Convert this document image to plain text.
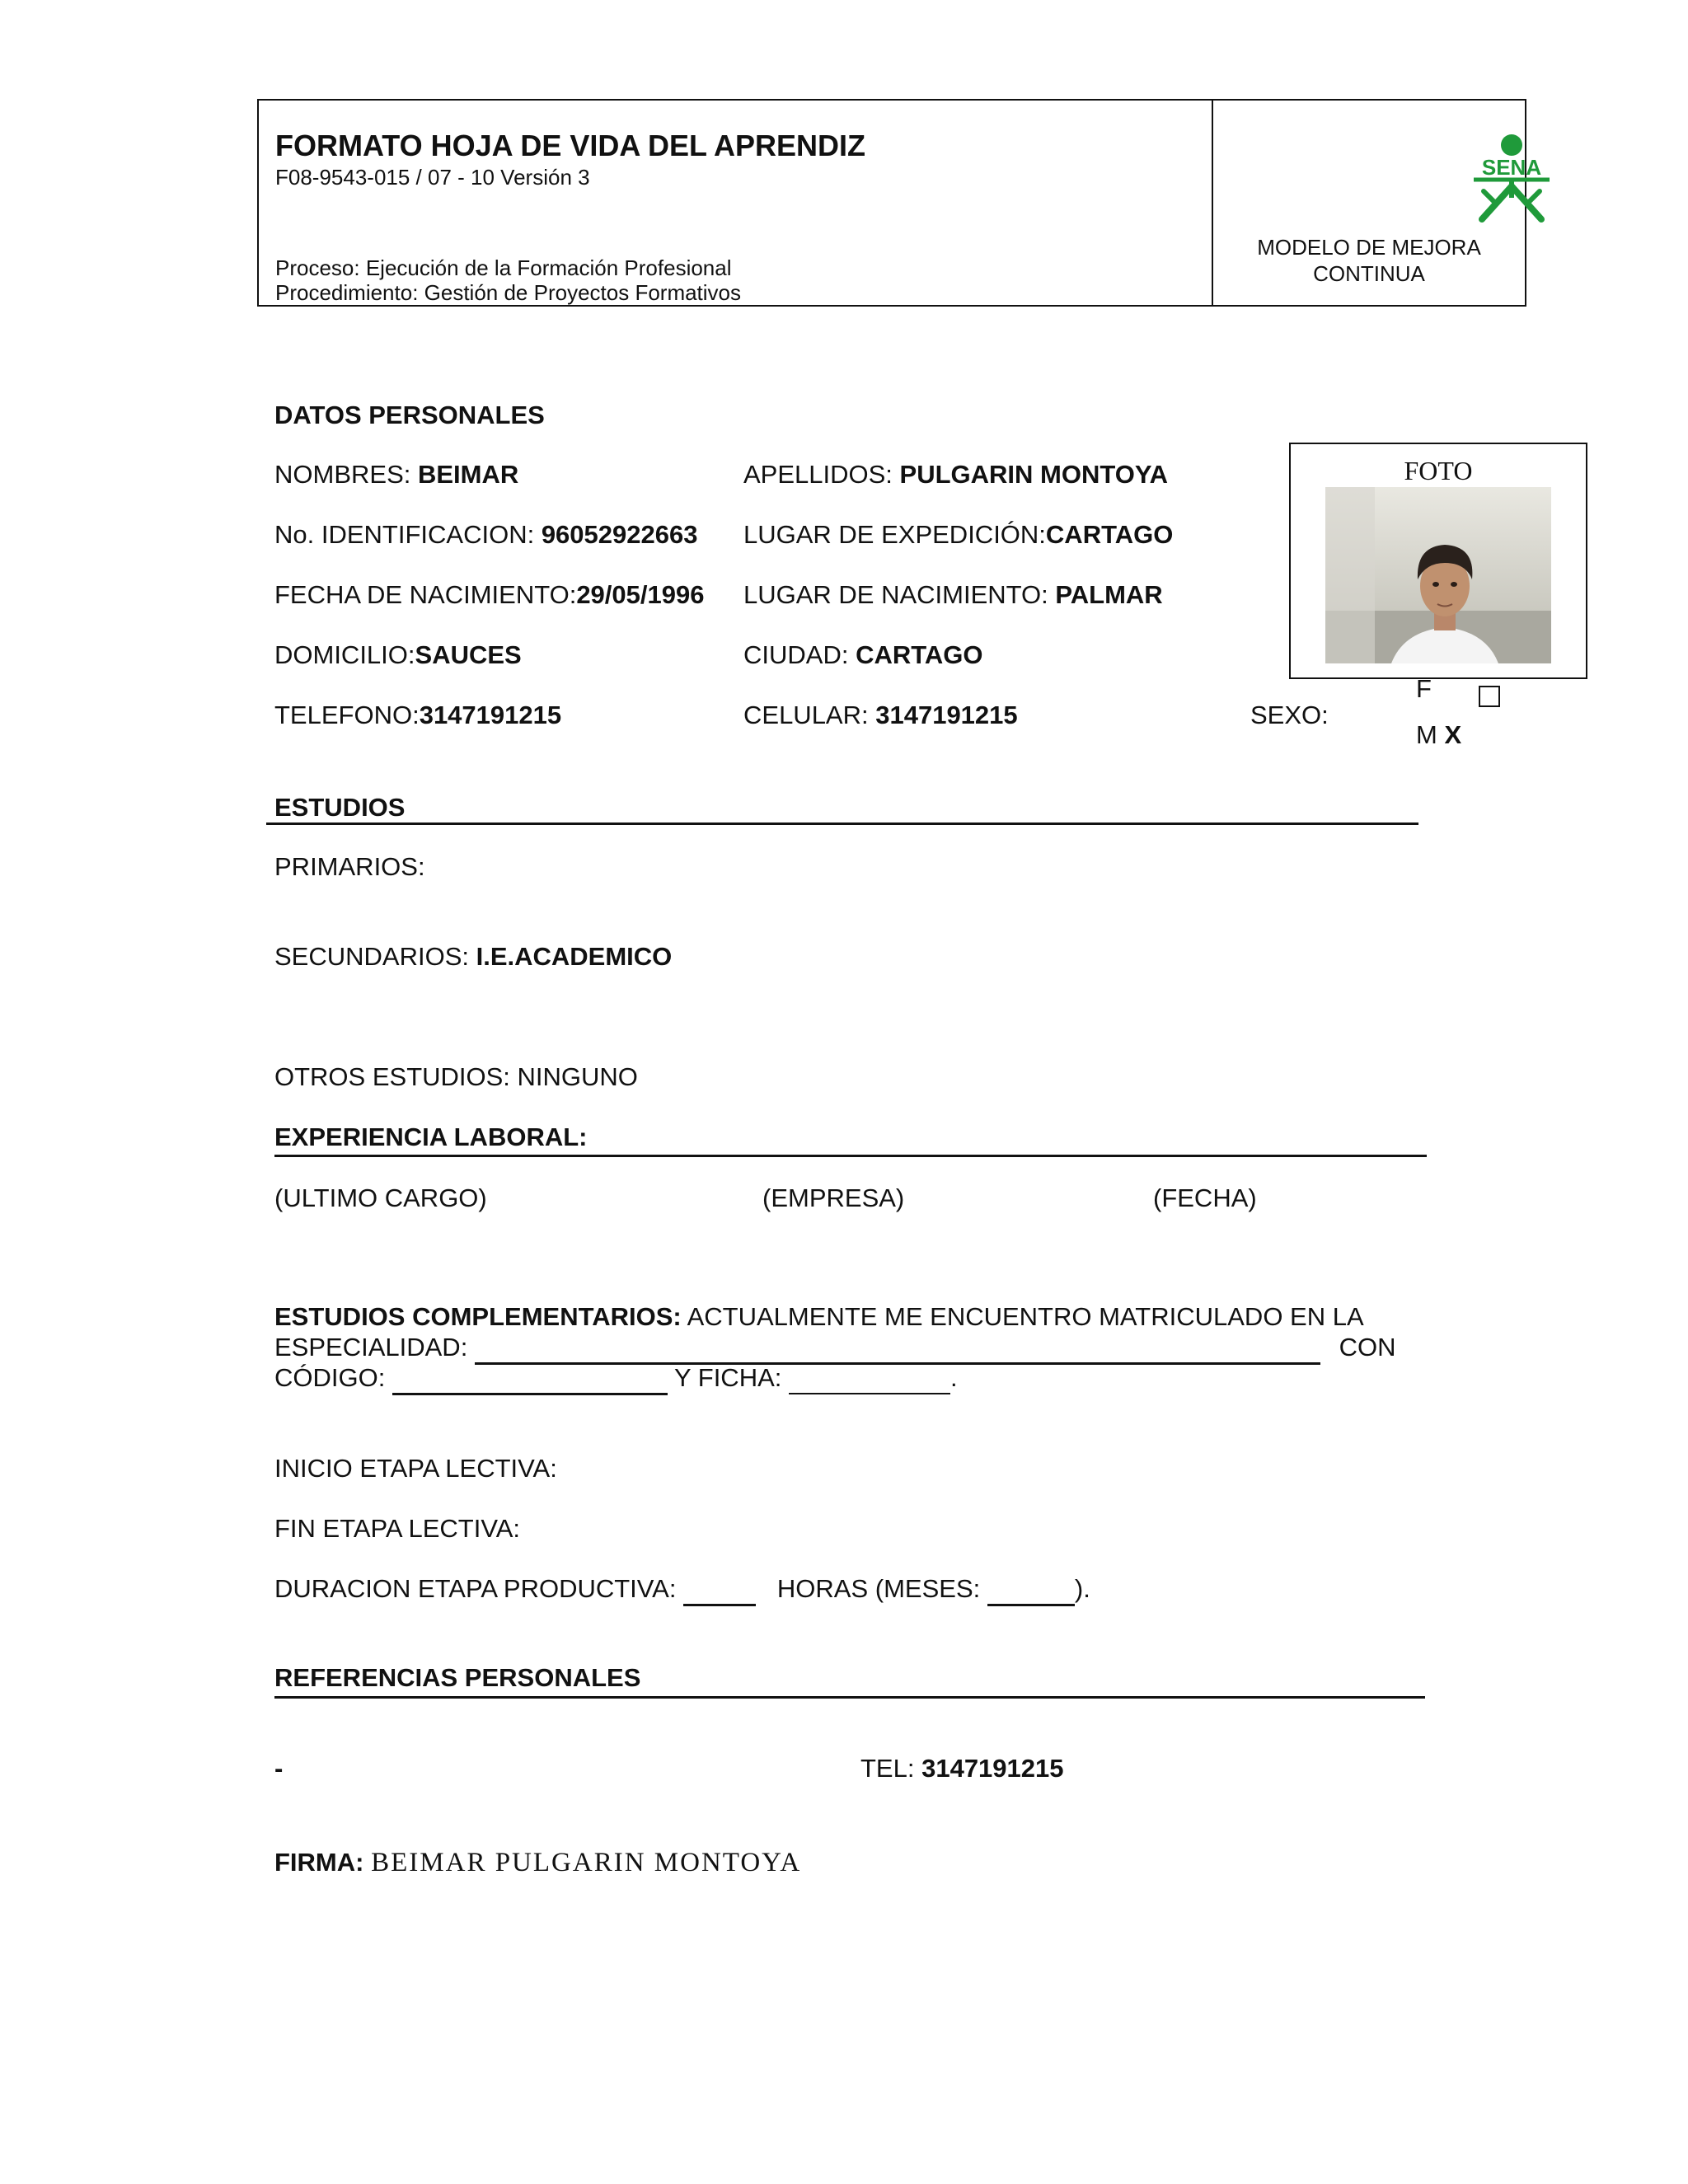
FORMATO HOJA DE VIDA DEL APRENDIZ
F08-9543-015 / 07 - 10 Versión 3
Proceso: Ejecución de la Formación Profesional
Procedimiento: Gestión de Proyectos Formativos
SENA
MODELO DE MEJORA CONTINUA
DATOS PERSONALES
NOMBRES: BEIMAR	APELLIDOS: PULGARIN MONTOYA
No. IDENTIFICACION: 96052922663 LUGAR DE EXPEDICIÓN:CARTAGO
FECHA DE NACIMIENTO:29/05/1996 LUGAR DE NACIMIENTO: PALMAR
DOMICILIO:SAUCES	CIUDAD: CARTAGO
TELEFONO:3147191215	CELULAR: 3147191215	SEXO:
FOTO
F
M X
ESTUDIOS
PRIMARIOS:
SECUNDARIOS: I.E.ACADEMICO
OTROS ESTUDIOS: NINGUNO
EXPERIENCIA LABORAL:
(ULTIMO CARGO)	(EMPRESA)	(FECHA)
ESTUDIOS COMPLEMENTARIOS: ACTUALMENTE ME ENCUENTRO MATRICULADO EN LA
ESPECIALIDAD:	CON
CÓDIGO:	Y FICHA:	.
INICIO ETAPA LECTIVA:
FIN ETAPA LECTIVA:
DURACION ETAPA PRODUCTIVA:	HORAS (MESES:	).
REFERENCIAS PERSONALES
-	TEL: 3147191215
FIRMA: BEIMAR PULGARIN MONTOYA
